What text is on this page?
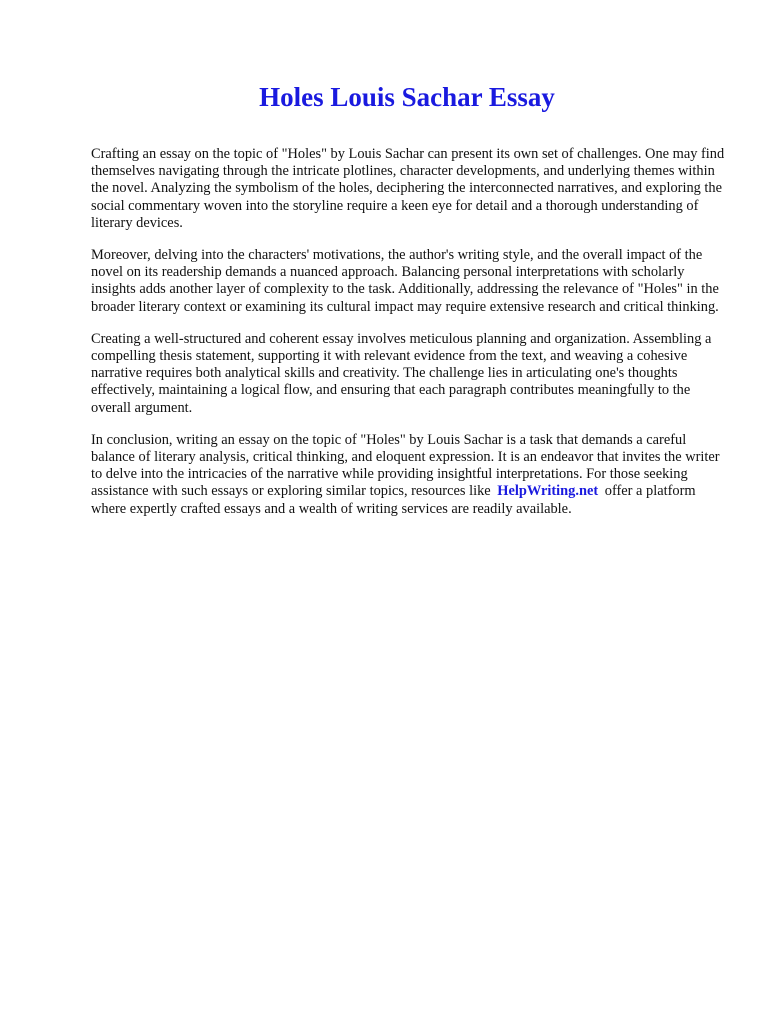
Holes Louis Sachar Essay

Crafting an essay on the topic of "Holes" by Louis Sachar can present its own set of challenges. One may find themselves navigating through the intricate plotlines, character developments, and underlying themes within the novel. Analyzing the symbolism of the holes, deciphering the interconnected narratives, and exploring the social commentary woven into the storyline require a keen eye for detail and a thorough understanding of literary devices.

Moreover, delving into the characters' motivations, the author's writing style, and the overall impact of the novel on its readership demands a nuanced approach. Balancing personal interpretations with scholarly insights adds another layer of complexity to the task. Additionally, addressing the relevance of "Holes" in the broader literary context or examining its cultural impact may require extensive research and critical thinking.

Creating a well-structured and coherent essay involves meticulous planning and organization. Assembling a compelling thesis statement, supporting it with relevant evidence from the text, and weaving a cohesive narrative requires both analytical skills and creativity. The challenge lies in articulating one's thoughts effectively, maintaining a logical flow, and ensuring that each paragraph contributes meaningfully to the overall argument.

In conclusion, writing an essay on the topic of "Holes" by Louis Sachar is a task that demands a careful balance of literary analysis, critical thinking, and eloquent expression. It is an endeavor that invites the writer to delve into the intricacies of the narrative while providing insightful interpretations. For those seeking assistance with such essays or exploring similar topics, resources like HelpWriting.net offer a platform where expertly crafted essays and a wealth of writing services are readily available.
